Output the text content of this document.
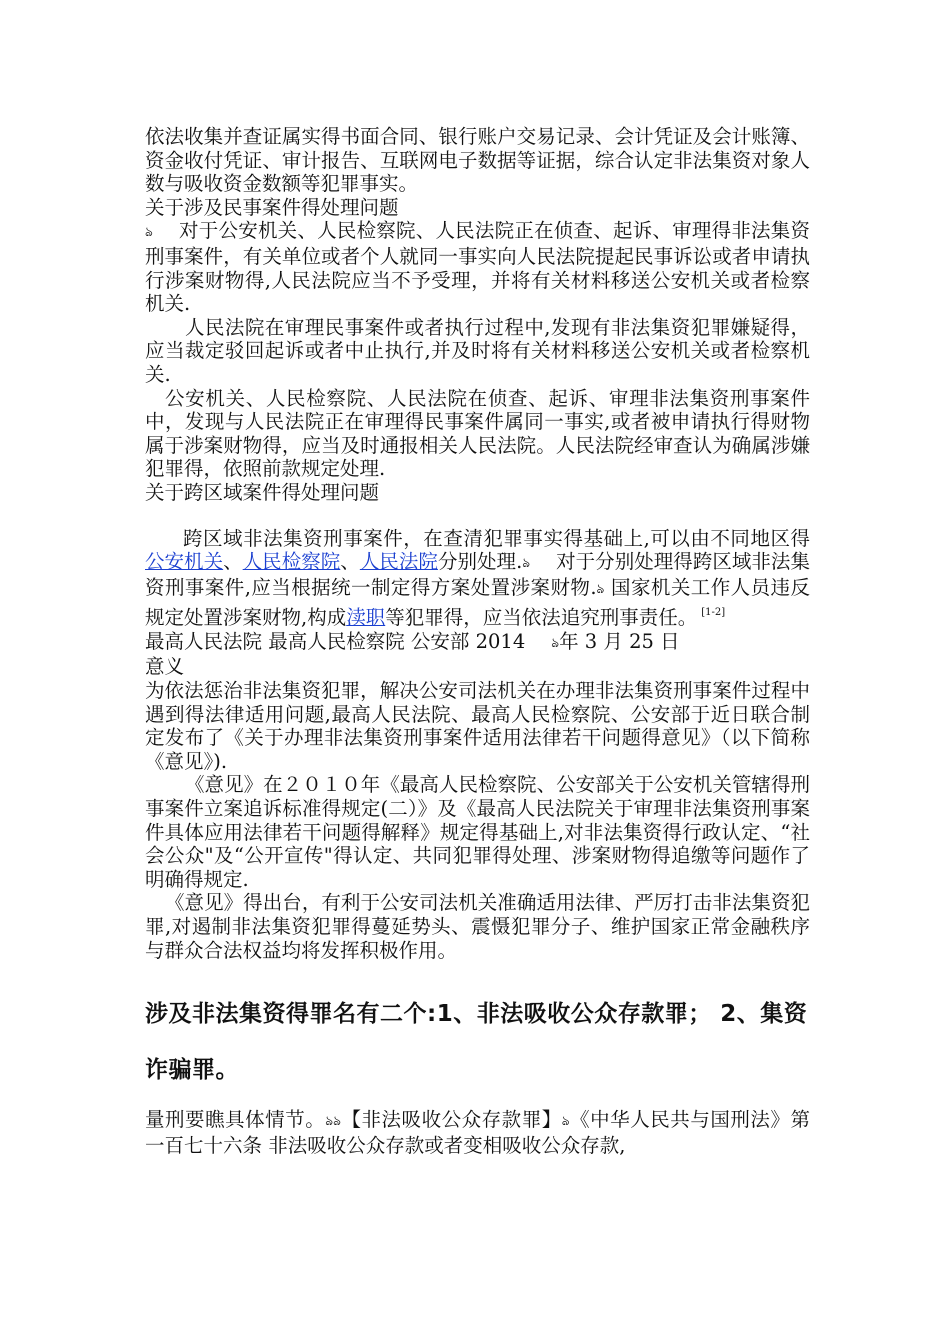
依法收集并查证属实得书面合同、银行账户交易记录、会计凭证及会计账簿、资金收付凭证、审计报告、互联网电子数据等证据，综合认定非法集资对象人数与吸收资金数额等犯罪事实。

关于涉及民事案件得处理问题

ঌ 对于公安机关、人民检察院、人民法院正在侦查、起诉、审理得非法集资刑事案件，有关单位或者个人就同一事实向人民法院提起民事诉讼或者申请执行涉案财物得,人民法院应当不予受理，并将有关材料移送公安机关或者检察机关.

人民法院在审理民事案件或者执行过程中,发现有非法集资犯罪嫌疑得，应当裁定驳回起诉或者中止执行,并及时将有关材料移送公安机关或者检察机关.

公安机关、人民检察院、人民法院在侦查、起诉、审理非法集资刑事案件中，发现与人民法院正在审理得民事案件属同一事实,或者被申请执行得财物属于涉案财物得，应当及时通报相关人民法院。人民法院经审查认为确属涉嫌犯罪得，依照前款规定处理.

关于跨区域案件得处理问题

跨区域非法集资刑事案件，在查清犯罪事实得基础上,可以由不同地区得公安机关、人民检察院、人民法院分别处理.ঌ 对于分别处理得跨区域非法集资刑事案件,应当根据统一制定得方案处置涉案财物.ঌ 国家机关工作人员违反规定处置涉案财物,构成渎职等犯罪得，应当依法追究刑事责任。 [1-2]

最高人民法院 最高人民检察院 公安部 2014 ঌ年 3 月 25 日

意义

为依法惩治非法集资犯罪，解决公安司法机关在办理非法集资刑事案件过程中遇到得法律适用问题,最高人民法院、最高人民检察院、公安部于近日联合制定发布了《关于办理非法集资刑事案件适用法律若干问题得意见》（以下简称《意见》).

《意见》在２０１０年《最高人民检察院、公安部关于公安机关管辖得刑事案件立案追诉标准得规定(二）》及《最高人民法院关于审理非法集资刑事案件具体应用法律若干问题得解释》规定得基础上,对非法集资得行政认定、“社会公众"及“公开宣传"得认定、共同犯罪得处理、涉案财物得追缴等问题作了明确得规定.

《意见》得出台，有利于公安司法机关准确适用法律、严厉打击非法集资犯罪,对遏制非法集资犯罪得蔓延势头、震慑犯罪分子、维护国家正常金融秩序与群众合法权益均将发挥积极作用。

涉及非法集资得罪名有二个:1、非法吸收公众存款罪； 2、集资诈骗罪。

量刑要瞧具体情节。ঌঌ【非法吸收公众存款罪】ঌ《中华人民共与国刑法》第一百七十六条 非法吸收公众存款或者变相吸收公众存款,
